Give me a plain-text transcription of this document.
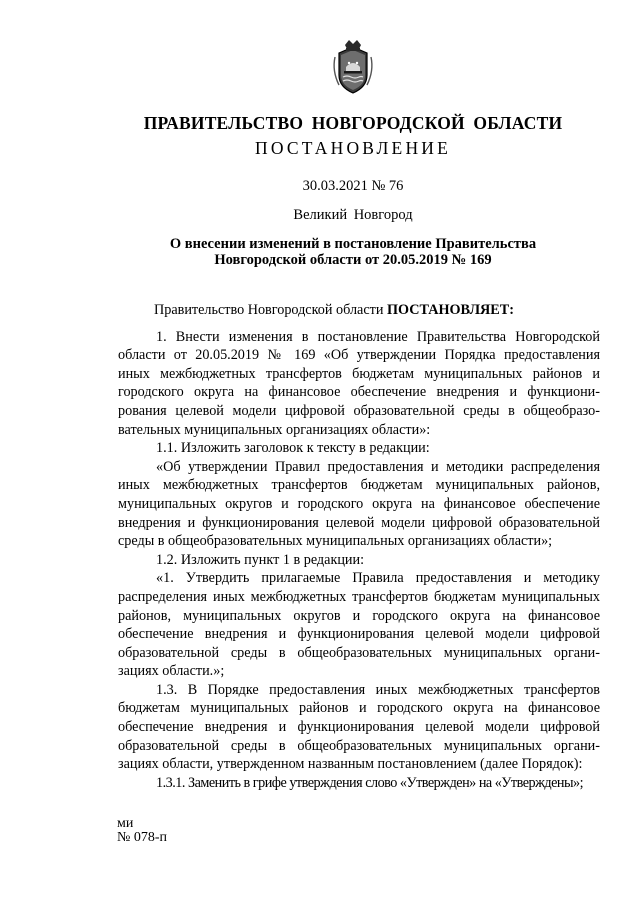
ПРАВИТЕЛЬСТВО НОВГОРОДСКОЙ ОБЛАСТИ
ПОСТАНОВЛЕНИЕ
30.03.2021 № 76
Великий Новгород
О внесении изменений в постановление Правительства
Новгородской области от 20.05.2019 № 169

Правительство Новгородской области ПОСТАНОВЛЯЕТ:

1. Внести изменения в постановление Правительства Новгородской

области от 20.05.2019 № 169 «Об утверждении Порядка предоставления

иных межбюджетных трансфертов бюджетам муниципальных районов и

городского округа на финансовое обеспечение внедрения и функциони-

рования целевой модели цифровой образовательной среды в общеобразо-

вательных муниципальных организациях области»:

1.1. Изложить заголовок к тексту в редакции:

«Об утверждении Правил предоставления и методики распределения

иных межбюджетных трансфертов бюджетам муниципальных районов,

муниципальных округов и городского округа на финансовое обеспечение

внедрения и функционирования целевой модели цифровой образовательной

среды в общеобразовательных муниципальных организациях области»;

1.2. Изложить пункт 1 в редакции:

«1. Утвердить прилагаемые Правила предоставления и методику

распределения иных межбюджетных трансфертов бюджетам муниципальных

районов, муниципальных округов и городского округа на финансовое

обеспечение внедрения и функционирования целевой модели цифровой

образовательной среды в общеобразовательных муниципальных органи-

зациях области.»;

1.3. В Порядке предоставления иных межбюджетных трансфертов

бюджетам муниципальных районов и городского округа на финансовое

обеспечение внедрения и функционирования целевой модели цифровой

образовательной среды в общеобразовательных муниципальных органи-

зациях области, утвержденном названным постановлением (далее Порядок):

1.3.1. Заменить в грифе утверждения слово «Утвержден» на «Утверждены»;

ми
№ 078-п
